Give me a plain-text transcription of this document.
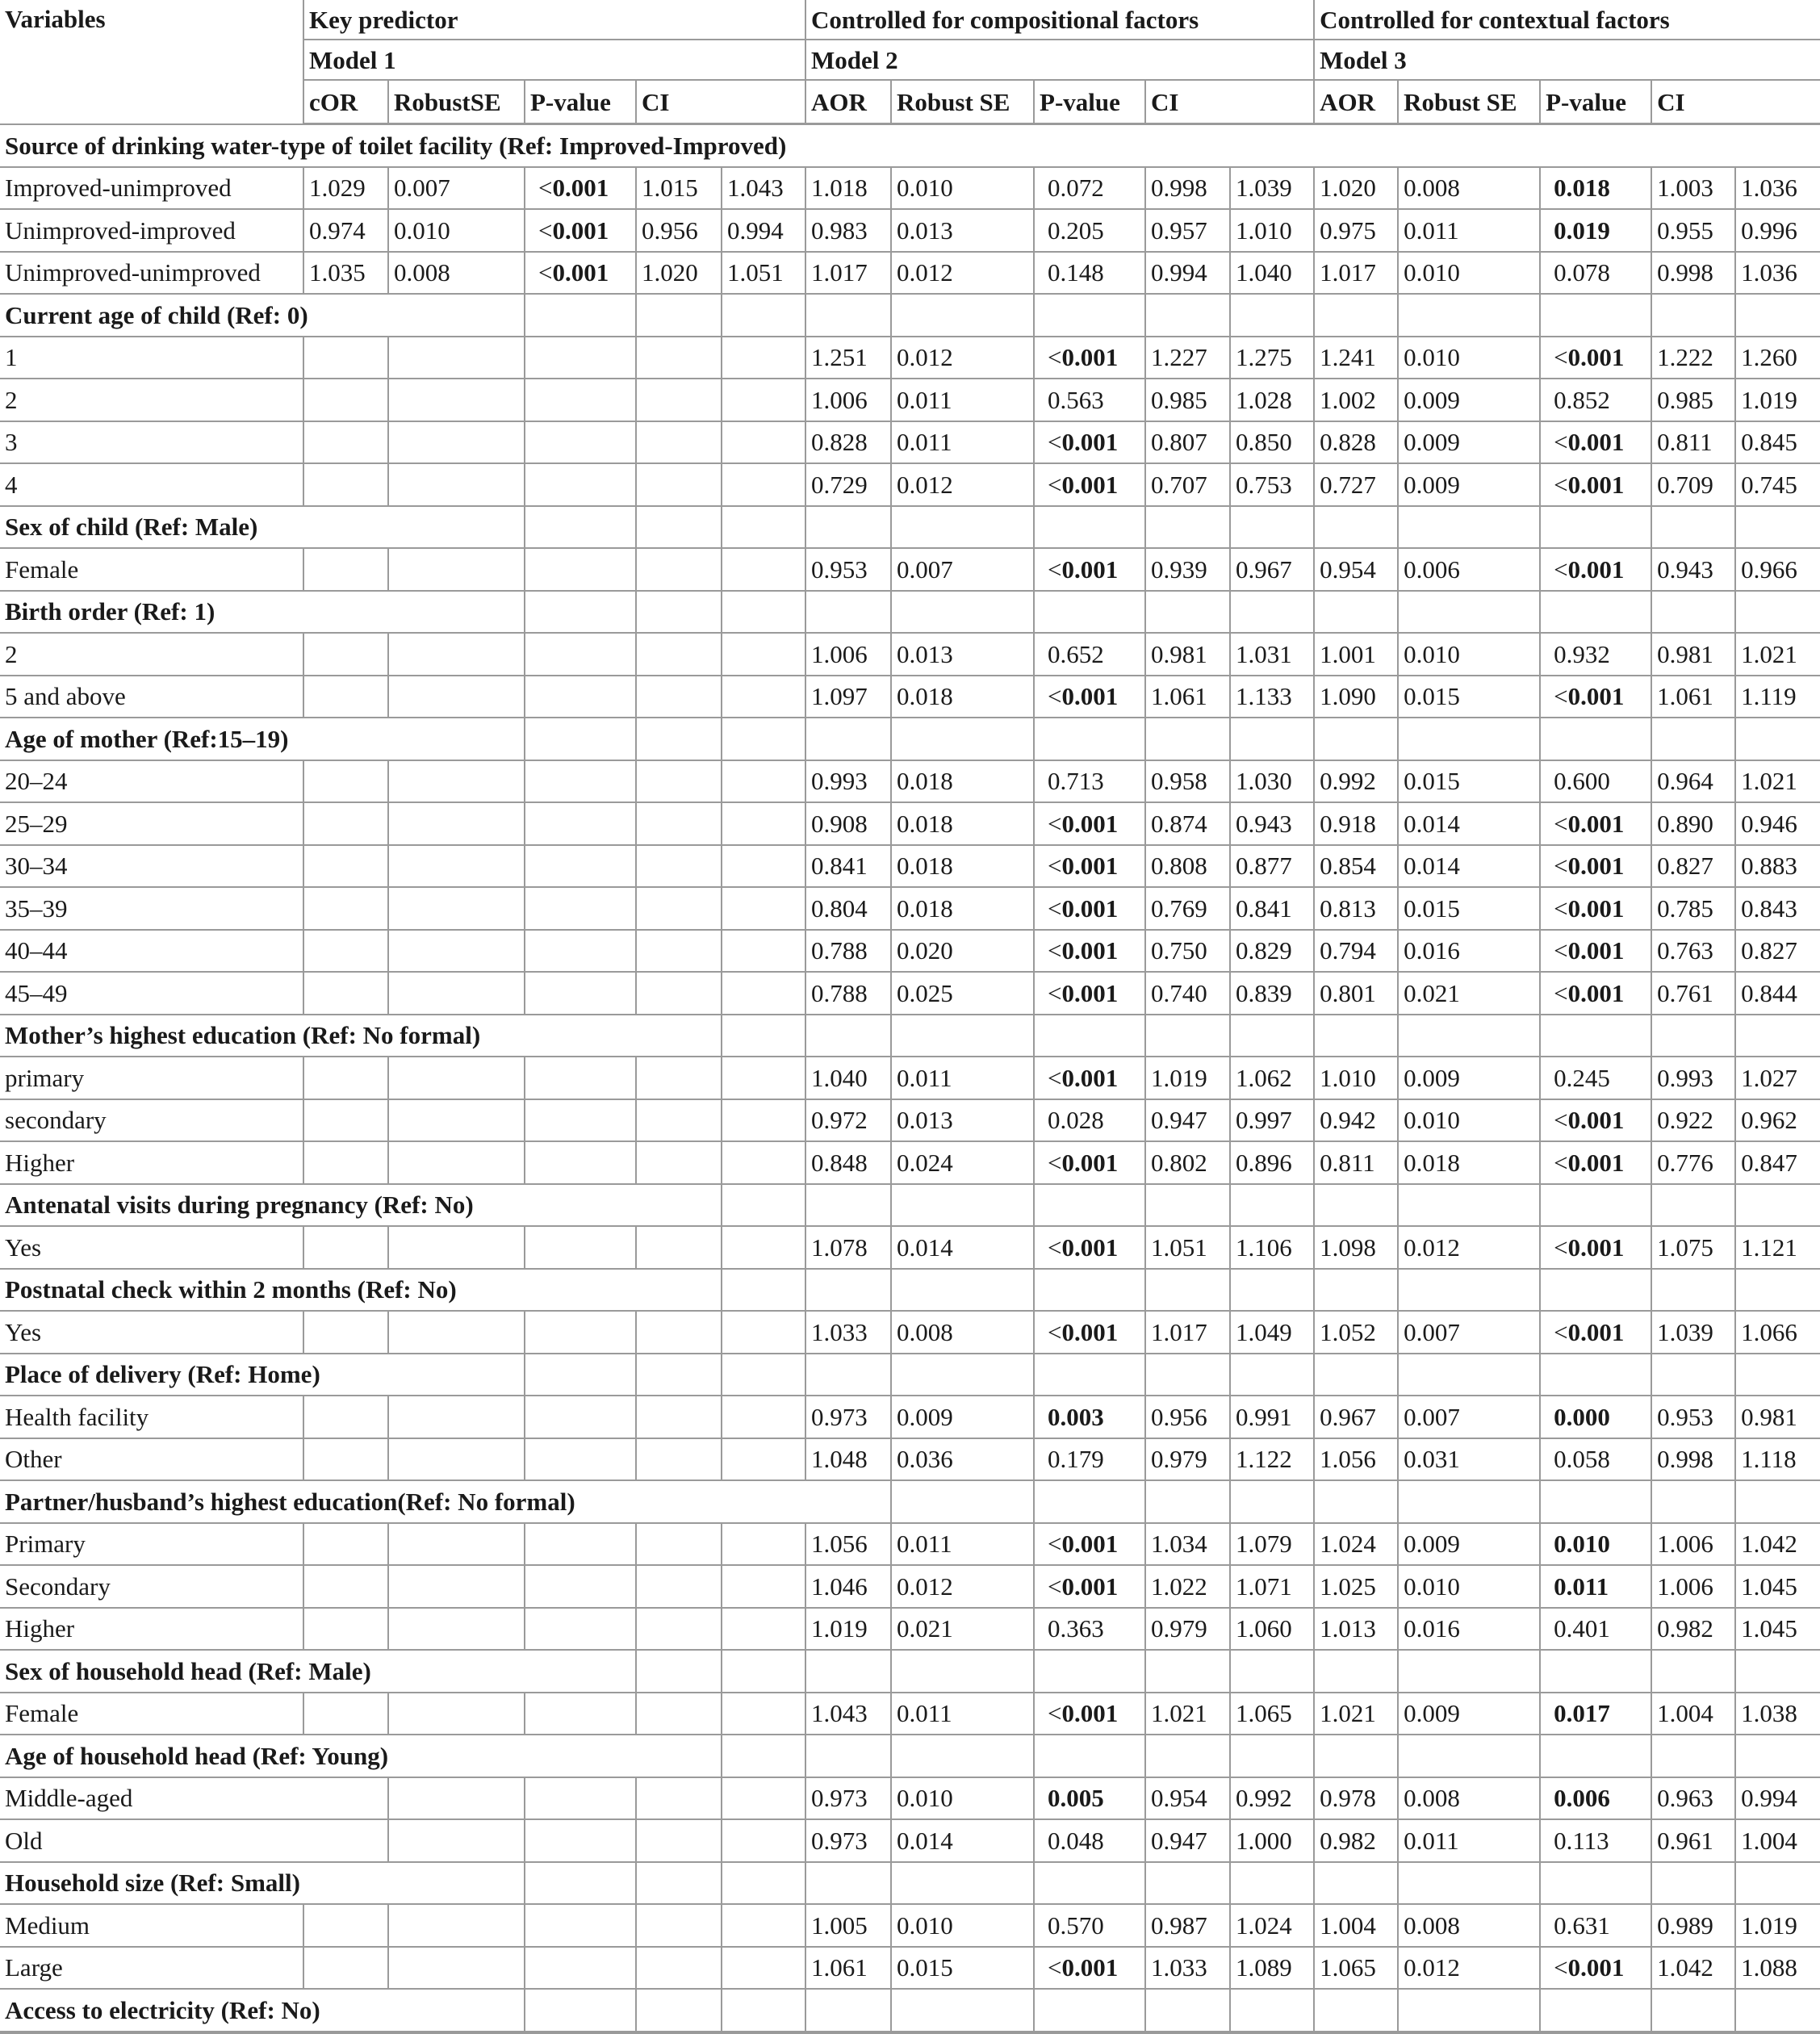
Variables	Key predictor					Controlled for compositional factors					Controlled for contextual factors				
	Model 1					Model 2					Model 3				
	cOR	RobustSE	P-value	CI		AOR	Robust SE	P-value	CI		AOR	Robust SE	P-value	CI	
Source of drinking water-type of toilet facility (Ref: Improved-Improved)															
Improved-unimproved	1.029	0.007	<0.001	1.015	1.043	1.018	0.010	0.072	0.998	1.039	1.020	0.008	0.018	1.003	1.036
Unimproved-improved	0.974	0.010	<0.001	0.956	0.994	0.983	0.013	0.205	0.957	1.010	0.975	0.011	0.019	0.955	0.996
Unimproved-unimproved	1.035	0.008	<0.001	1.020	1.051	1.017	0.012	0.148	0.994	1.040	1.017	0.010	0.078	0.998	1.036
Current age of child (Ref: 0)															
1						1.251	0.012	<0.001	1.227	1.275	1.241	0.010	<0.001	1.222	1.260
2						1.006	0.011	0.563	0.985	1.028	1.002	0.009	0.852	0.985	1.019
3						0.828	0.011	<0.001	0.807	0.850	0.828	0.009	<0.001	0.811	0.845
4						0.729	0.012	<0.001	0.707	0.753	0.727	0.009	<0.001	0.709	0.745
Sex of child (Ref: Male)															
Female						0.953	0.007	<0.001	0.939	0.967	0.954	0.006	<0.001	0.943	0.966
Birth order (Ref: 1)															
2						1.006	0.013	0.652	0.981	1.031	1.001	0.010	0.932	0.981	1.021
5 and above						1.097	0.018	<0.001	1.061	1.133	1.090	0.015	<0.001	1.061	1.119
Age of mother (Ref:15–19)															
20–24						0.993	0.018	0.713	0.958	1.030	0.992	0.015	0.600	0.964	1.021
25–29						0.908	0.018	<0.001	0.874	0.943	0.918	0.014	<0.001	0.890	0.946
30–34						0.841	0.018	<0.001	0.808	0.877	0.854	0.014	<0.001	0.827	0.883
35–39						0.804	0.018	<0.001	0.769	0.841	0.813	0.015	<0.001	0.785	0.843
40–44						0.788	0.020	<0.001	0.750	0.829	0.794	0.016	<0.001	0.763	0.827
45–49						0.788	0.025	<0.001	0.740	0.839	0.801	0.021	<0.001	0.761	0.844
Mother’s highest education (Ref: No formal)															
primary						1.040	0.011	<0.001	1.019	1.062	1.010	0.009	0.245	0.993	1.027
secondary						0.972	0.013	0.028	0.947	0.997	0.942	0.010	<0.001	0.922	0.962
Higher						0.848	0.024	<0.001	0.802	0.896	0.811	0.018	<0.001	0.776	0.847
Antenatal visits during pregnancy (Ref: No)															
Yes						1.078	0.014	<0.001	1.051	1.106	1.098	0.012	<0.001	1.075	1.121
Postnatal check within 2 months (Ref: No)															
Yes						1.033	0.008	<0.001	1.017	1.049	1.052	0.007	<0.001	1.039	1.066
Place of delivery (Ref: Home)															
Health facility						0.973	0.009	0.003	0.956	0.991	0.967	0.007	0.000	0.953	0.981
Other						1.048	0.036	0.179	0.979	1.122	1.056	0.031	0.058	0.998	1.118
Partner/husband’s highest education(Ref: No formal)															
Primary						1.056	0.011	<0.001	1.034	1.079	1.024	0.009	0.010	1.006	1.042
Secondary						1.046	0.012	<0.001	1.022	1.071	1.025	0.010	0.011	1.006	1.045
Higher						1.019	0.021	0.363	0.979	1.060	1.013	0.016	0.401	0.982	1.045
Sex of household head (Ref: Male)															
Female						1.043	0.011	<0.001	1.021	1.065	1.021	0.009	0.017	1.004	1.038
Age of household head (Ref: Young)															
Middle-aged						0.973	0.010	0.005	0.954	0.992	0.978	0.008	0.006	0.963	0.994
Old						0.973	0.014	0.048	0.947	1.000	0.982	0.011	0.113	0.961	1.004
Household size (Ref: Small)															
Medium						1.005	0.010	0.570	0.987	1.024	1.004	0.008	0.631	0.989	1.019
Large						1.061	0.015	<0.001	1.033	1.089	1.065	0.012	<0.001	1.042	1.088
Access to electricity (Ref: No)															
